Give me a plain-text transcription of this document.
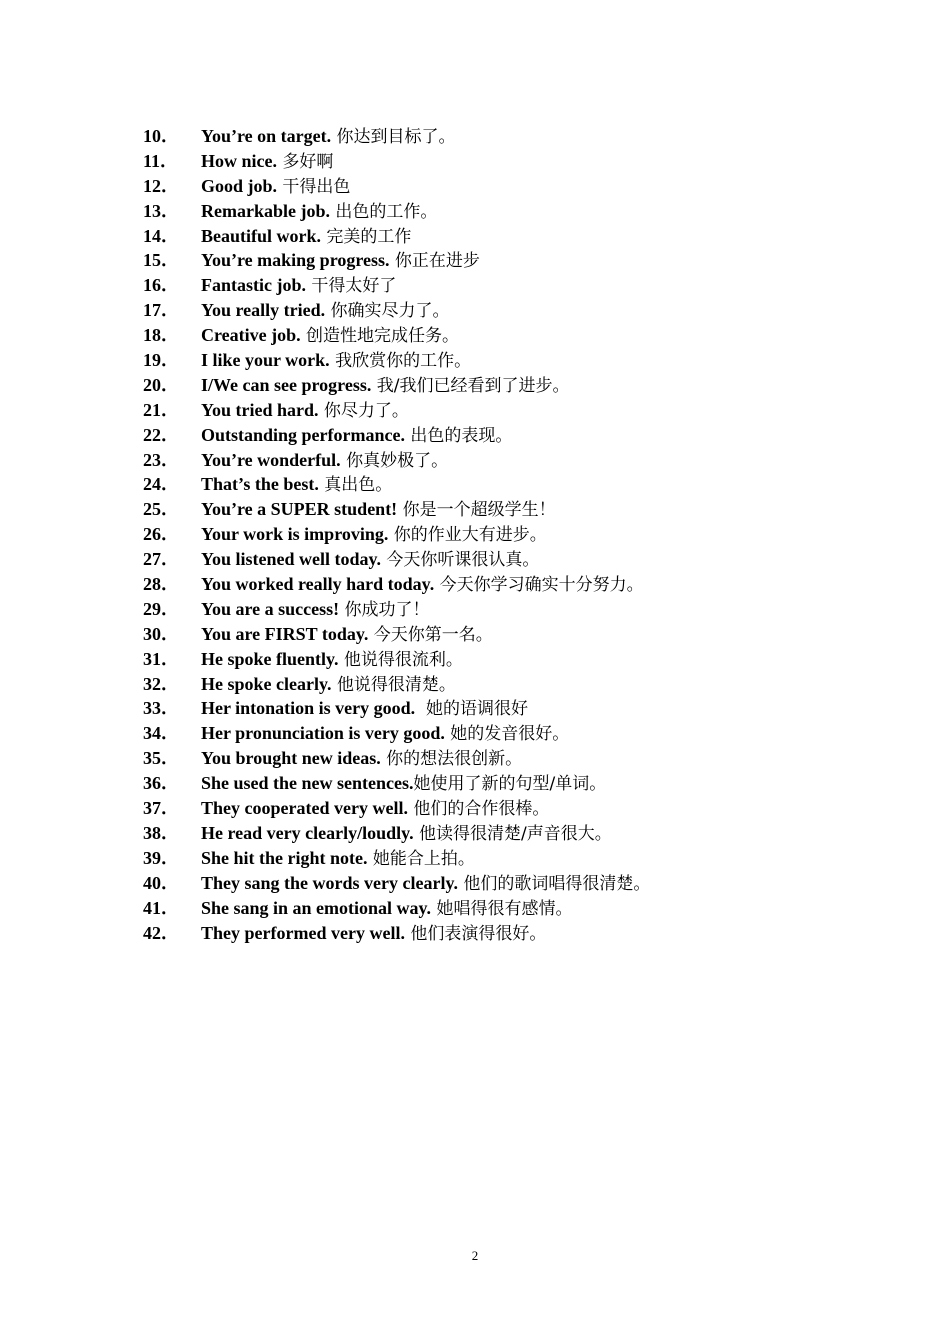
10．	You’re on target. 你达到目标了。
11．	How nice. 多好啊
12．	Good job. 干得出色
13．	Remarkable job. 出色的工作。
14．	Beautiful work. 完美的工作
15．	You’re making progress. 你正在进步
16．	Fantastic job. 干得太好了
17．	You really tried. 你确实尽力了。
18．	Creative job. 创造性地完成任务。
19．	I like your work. 我欣赏你的工作。
20．	I/We can see progress. 我/我们已经看到了进步。
21．	You tried hard. 你尽力了。
22．	Outstanding performance. 出色的表现。
23．	You’re wonderful. 你真妙极了。
24．	That’s the best. 真出色。
25．	You’re a SUPER student! 你是一个超级学生！
26．	Your work is improving. 你的作业大有进步。
27．	You listened well today. 今天你听课很认真。
28．	You worked really hard today. 今天你学习确实十分努力。
29．	You are a success! 你成功了！
30．	You are FIRST today. 今天你第一名。
31．	He spoke fluently. 他说得很流利。
32．	He spoke clearly. 他说得很清楚。
33．	Her intonation is very good. 她的语调很好
34．	Her pronunciation is very good. 她的发音很好。
35．	You brought new ideas. 你的想法很创新。
36．	She used the new sentences. 她使用了新的句型/单词。
37．	They cooperated very well. 他们的合作很棒。
38．	He read very clearly/loudly. 他读得很清楚/声音很大。
39．	She hit the right note. 她能合上拍。
40．	They sang the words very clearly. 他们的歌词唱得很清楚。
41．	She sang in an emotional way. 她唱得很有感情。
42．	They performed very well. 他们表演得很好。
2
